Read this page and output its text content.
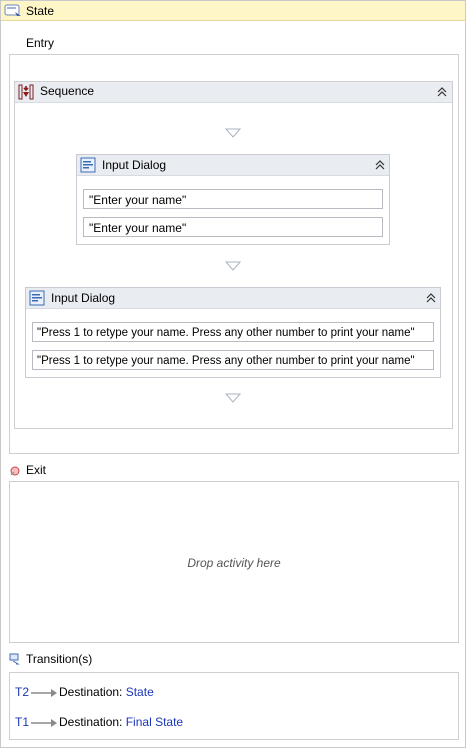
State
Entry
Sequence
Input Dialog
"Enter your name"
"Enter your name"
Input Dialog
"Press 1 to retype your name. Press any other number to print your name"
"Press 1 to retype your name. Press any other number to print your name"
Exit
Drop activity here
Transition(s)
T2 Destination: State
T1 Destination: Final State
